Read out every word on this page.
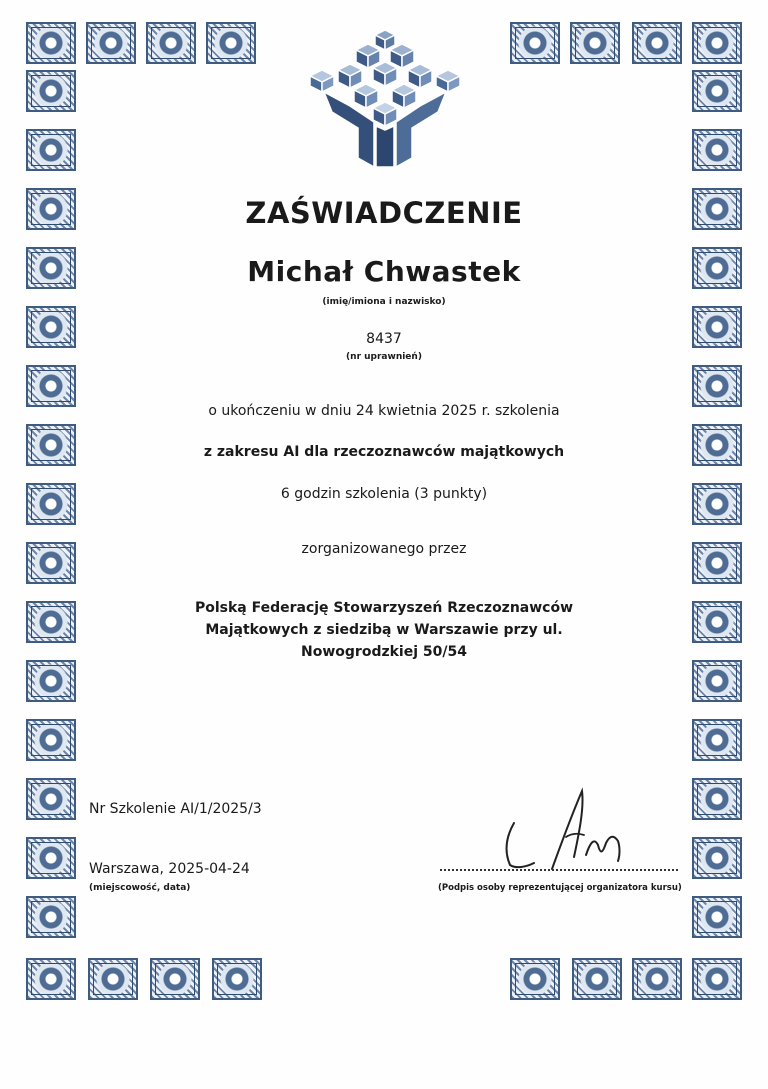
ZAŚWIADCZENIE
Michał Chwastek
(imię/imiona i nazwisko)
8437
(nr uprawnień)
o ukończeniu w dniu 24 kwietnia 2025 r. szkolenia
z zakresu AI dla rzeczoznawców majątkowych
6 godzin szkolenia (3 punkty)
zorganizowanego przez
Polską Federację Stowarzyszeń Rzeczoznawców
Majątkowych z siedzibą w Warszawie przy ul.
Nowogrodzkiej 50/54
Nr Szkolenie AI/1/2025/3
Warszawa, 2025-04-24
(miejscowość, data)	(Podpis osoby reprezentującej organizatora kursu)
